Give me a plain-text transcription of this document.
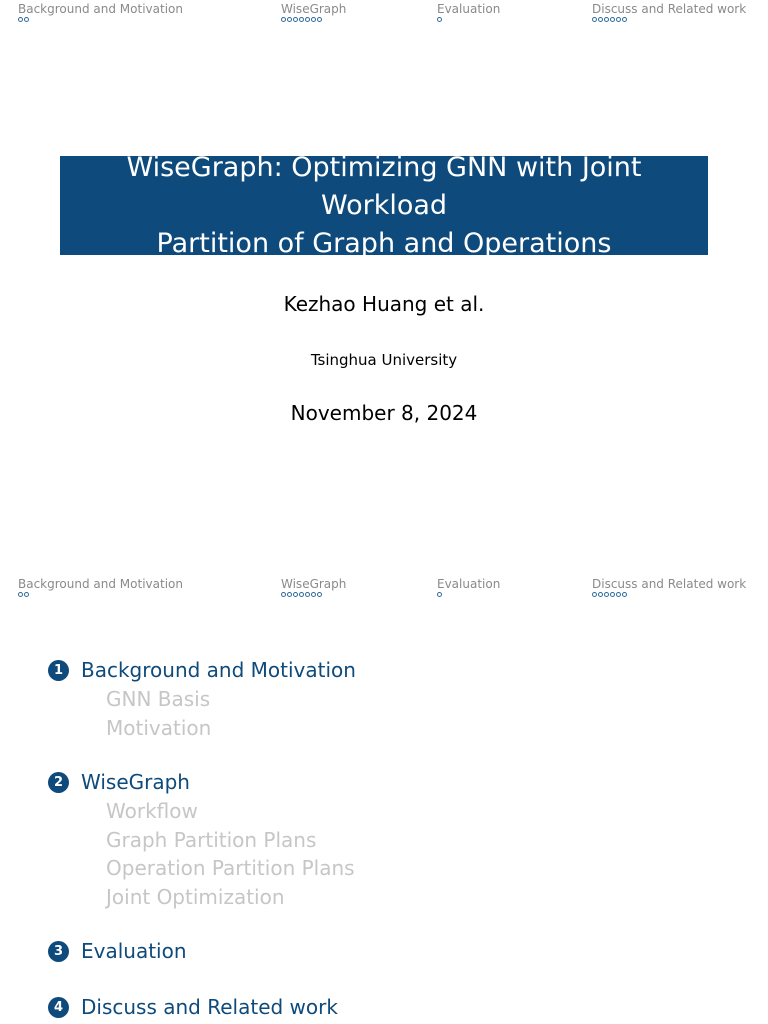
Background and Motivation	WiseGraph	Evaluation	Discuss and Related work
WiseGraph: Optimizing GNN with Joint Workload
Partition of Graph and Operations
Kezhao Huang et al.
Tsinghua University
November 8, 2024
Background and Motivation	WiseGraph	Evaluation	Discuss and Related work
1 Background and Motivation
GNN Basis
Motivation
2 WiseGraph
Workflow
Graph Partition Plans
Operation Partition Plans
Joint Optimization
3 Evaluation
4 Discuss and Related work
